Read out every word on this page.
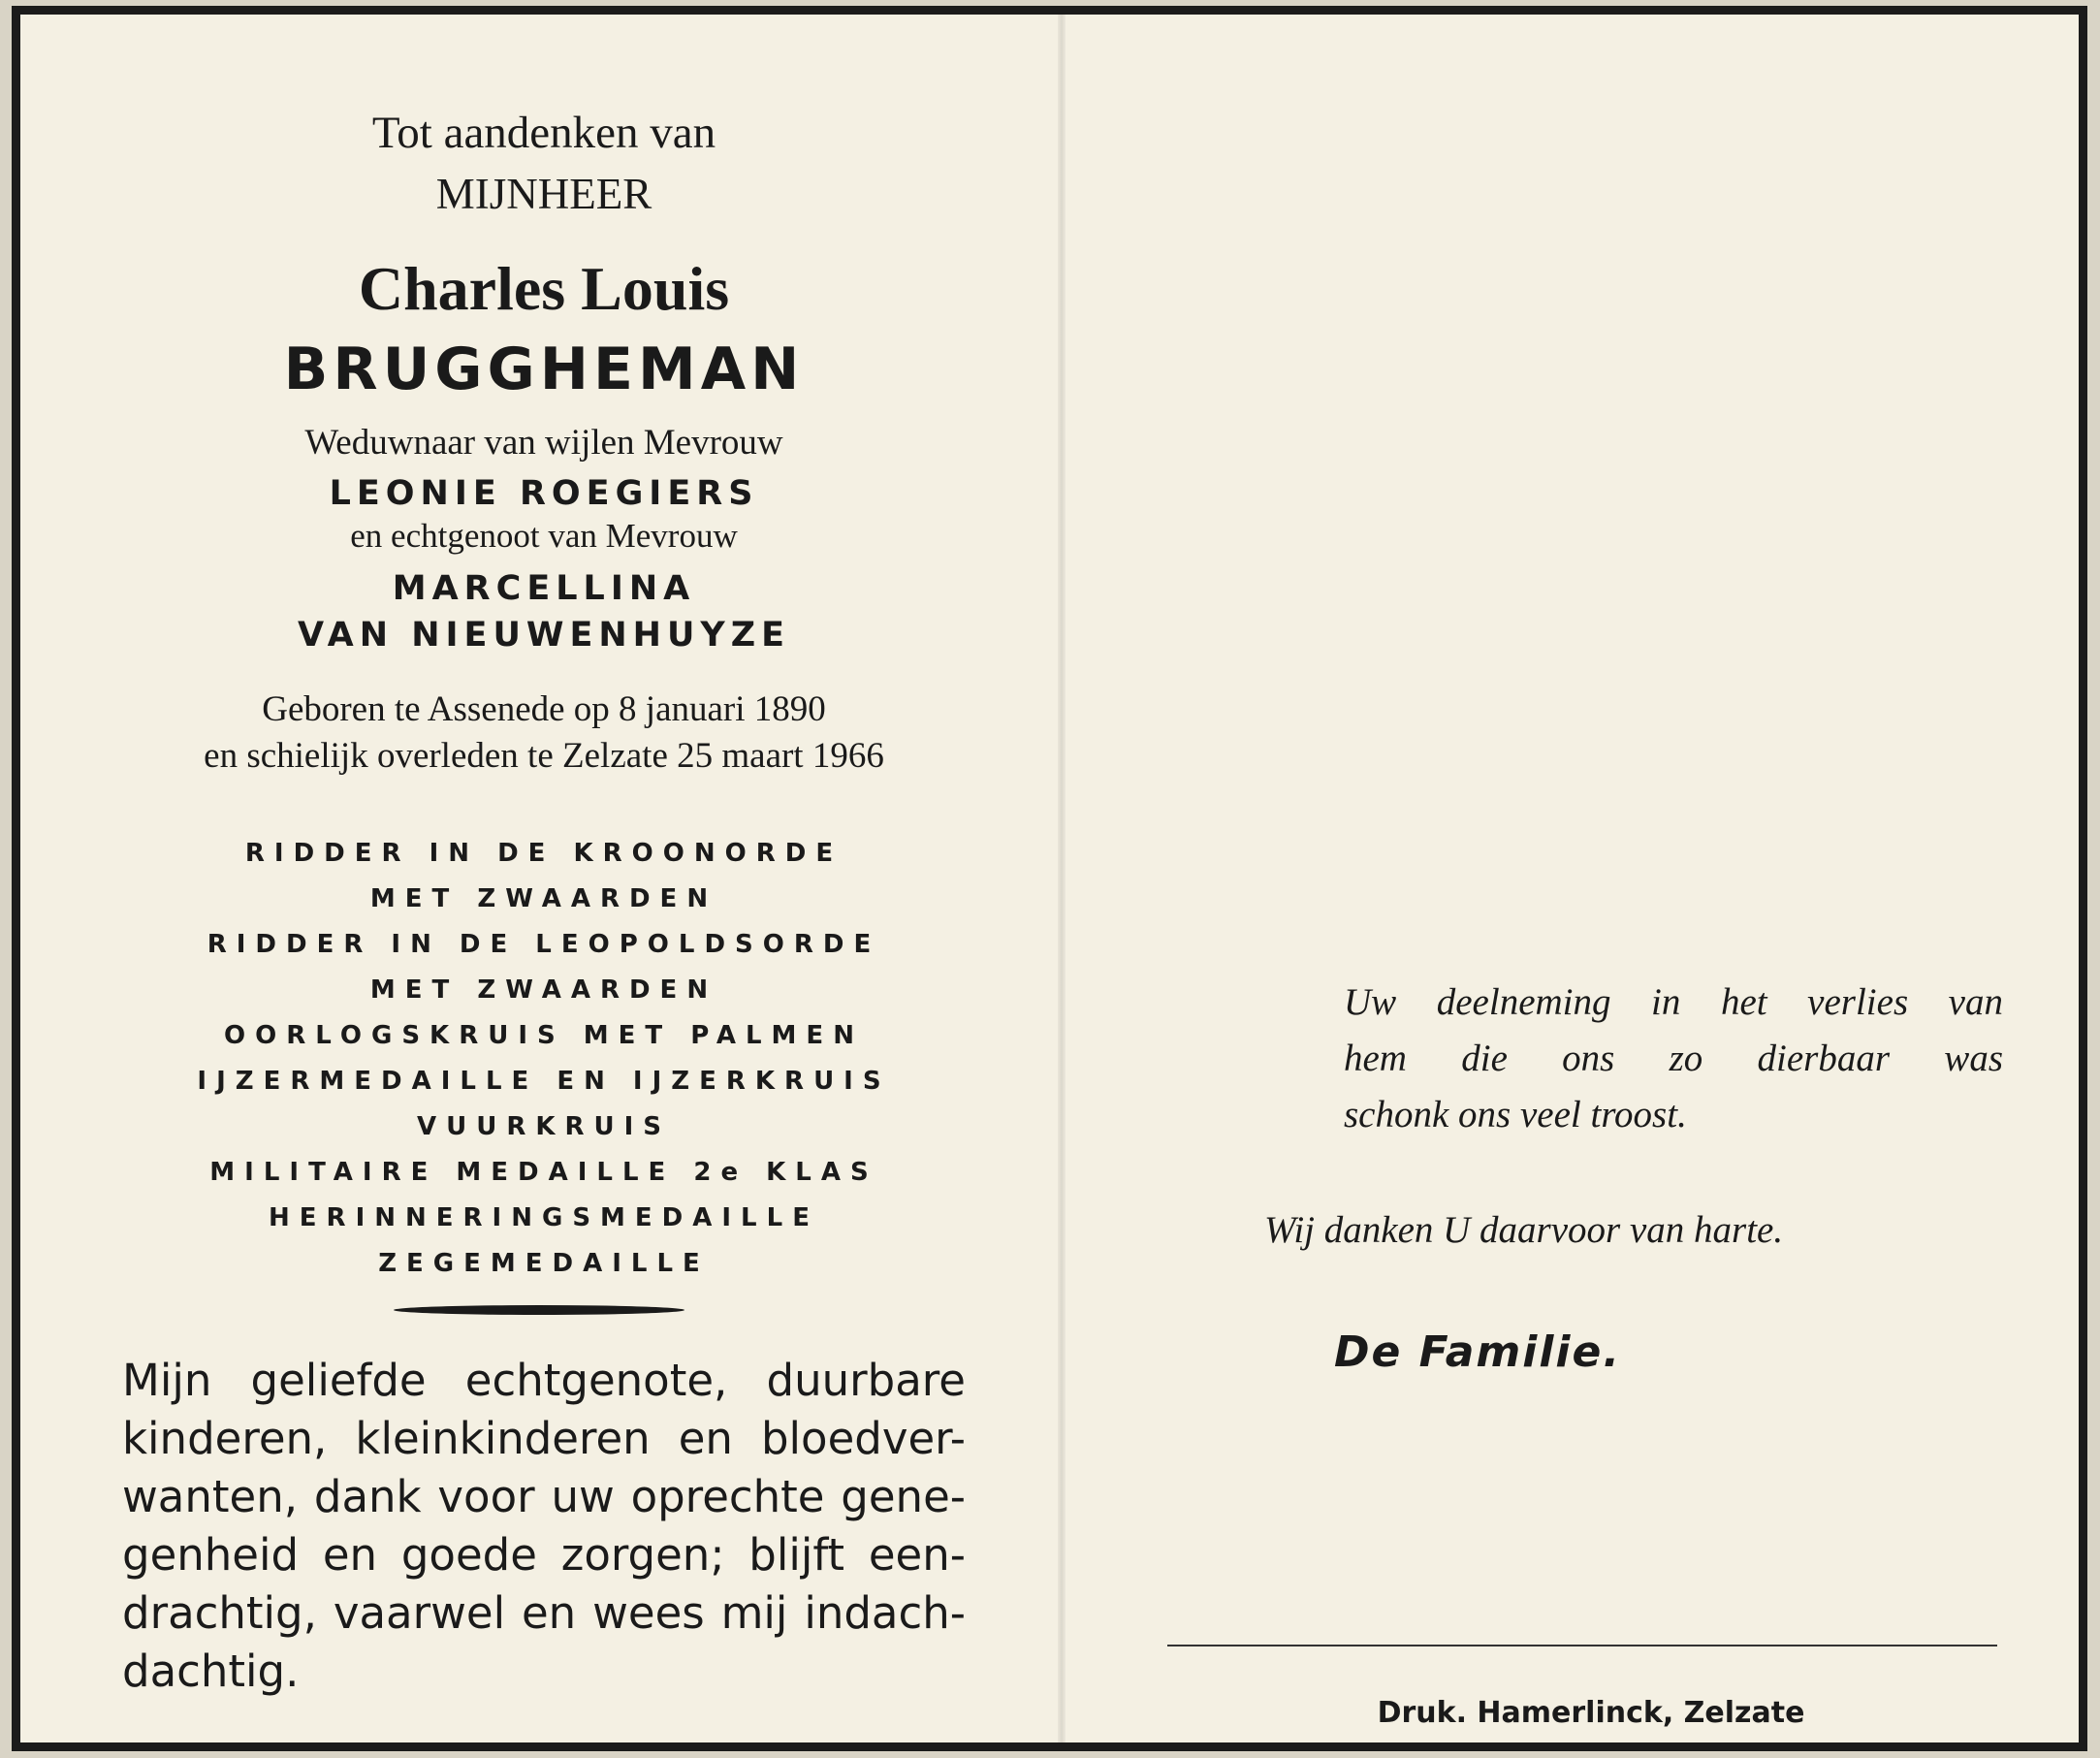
Tot aandenken van

MIJNHEER

Charles Louis

BRUGGHEMAN

Weduwnaar van wijlen Mevrouw

LEONIE ROEGIERS

en echtgenoot van Mevrouw

MARCELLINA

VAN NIEUWENHUYZE

Geboren te Assenede op 8 januari 1890

en schielijk overleden te Zelzate 25 maart 1966

RIDDER IN DE KROONORDE

MET ZWAARDEN

RIDDER IN DE LEOPOLDSORDE

MET ZWAARDEN

OORLOGSKRUIS MET PALMEN

IJZERMEDAILLE EN IJZERKRUIS

VUURKRUIS

MILITAIRE MEDAILLE 2e KLAS

HERINNERINGSMEDAILLE

ZEGEMEDAILLE

Mijn geliefde echtgenote, duurbare
kinderen, kleinkinderen en bloedver-
wanten, dank voor uw oprechte gene-
genheid en goede zorgen; blijft een-
drachtig, vaarwel en wees mij indach-
dachtig.
Uw deelneming in het verlies van
hem die ons zo dierbaar was
schonk ons veel troost.

Wij danken U daarvoor van harte.

De Familie.

Druk. Hamerlinck, Zelzate
